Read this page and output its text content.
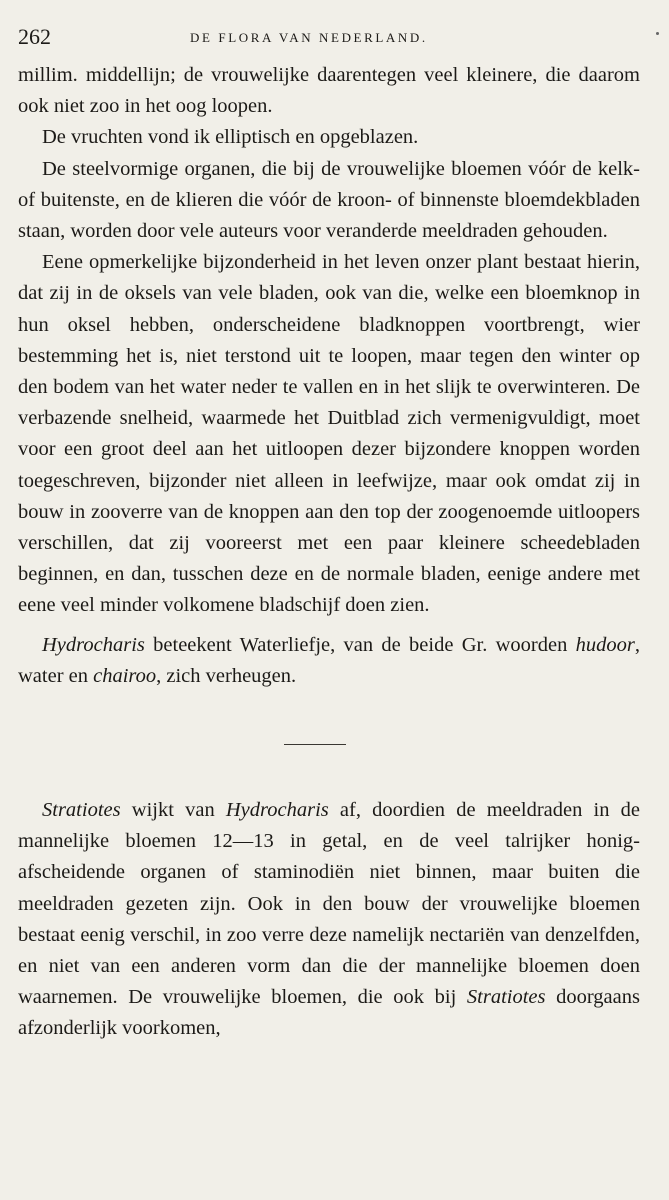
262	DE FLORA VAN NEDERLAND.

millim. middellijn; de vrouwelijke daarentegen veel kleinere, die daarom ook niet zoo in het oog loopen.

De vruchten vond ik elliptisch en opgeblazen.

De steelvormige organen, die bij de vrouwelijke bloemen vóór de kelk- of buitenste, en de klieren die vóór de kroon- of binnenste bloemdekbladen staan, worden door vele auteurs voor veranderde meeldraden gehouden.

Eene opmerkelijke bijzonderheid in het leven onzer plant bestaat hierin, dat zij in de oksels van vele bladen, ook van die, welke een bloemknop in hun oksel hebben, onderscheidene bladknoppen voortbrengt, wier bestemming het is, niet terstond uit te loopen, maar tegen den winter op den bodem van het water neder te vallen en in het slijk te overwinteren. De verbazende snelheid, waarmede het Duitblad zich vermenigvuldigt, moet voor een groot deel aan het uitloopen dezer bijzondere knoppen worden toegeschreven, bijzonder niet alleen in leefwijze, maar ook omdat zij in bouw in zooverre van de knoppen aan den top der zoogenoemde uitloopers verschillen, dat zij vooreerst met een paar kleinere scheedebladen beginnen, en dan, tusschen deze en de normale bladen, eenige andere met eene veel minder volkomene bladschijf doen zien.

Hydrocharis beteekent Waterliefje, van de beide Gr. woorden hudoor, water en chairoo, zich verheugen.

Stratiotes wijkt van Hydrocharis af, doordien de meeldraden in de mannelijke bloemen 12—13 in getal, en de veel talrijker honig-afscheidende organen of staminodiën niet binnen, maar buiten die meeldraden gezeten zijn. Ook in den bouw der vrouwelijke bloemen bestaat eenig verschil, in zoo verre deze namelijk nectariën van denzelfden, en niet van een anderen vorm dan die der mannelijke bloemen doen waarnemen. De vrouwelijke bloemen, die ook bij Stratiotes doorgaans afzonderlijk voorkomen,
